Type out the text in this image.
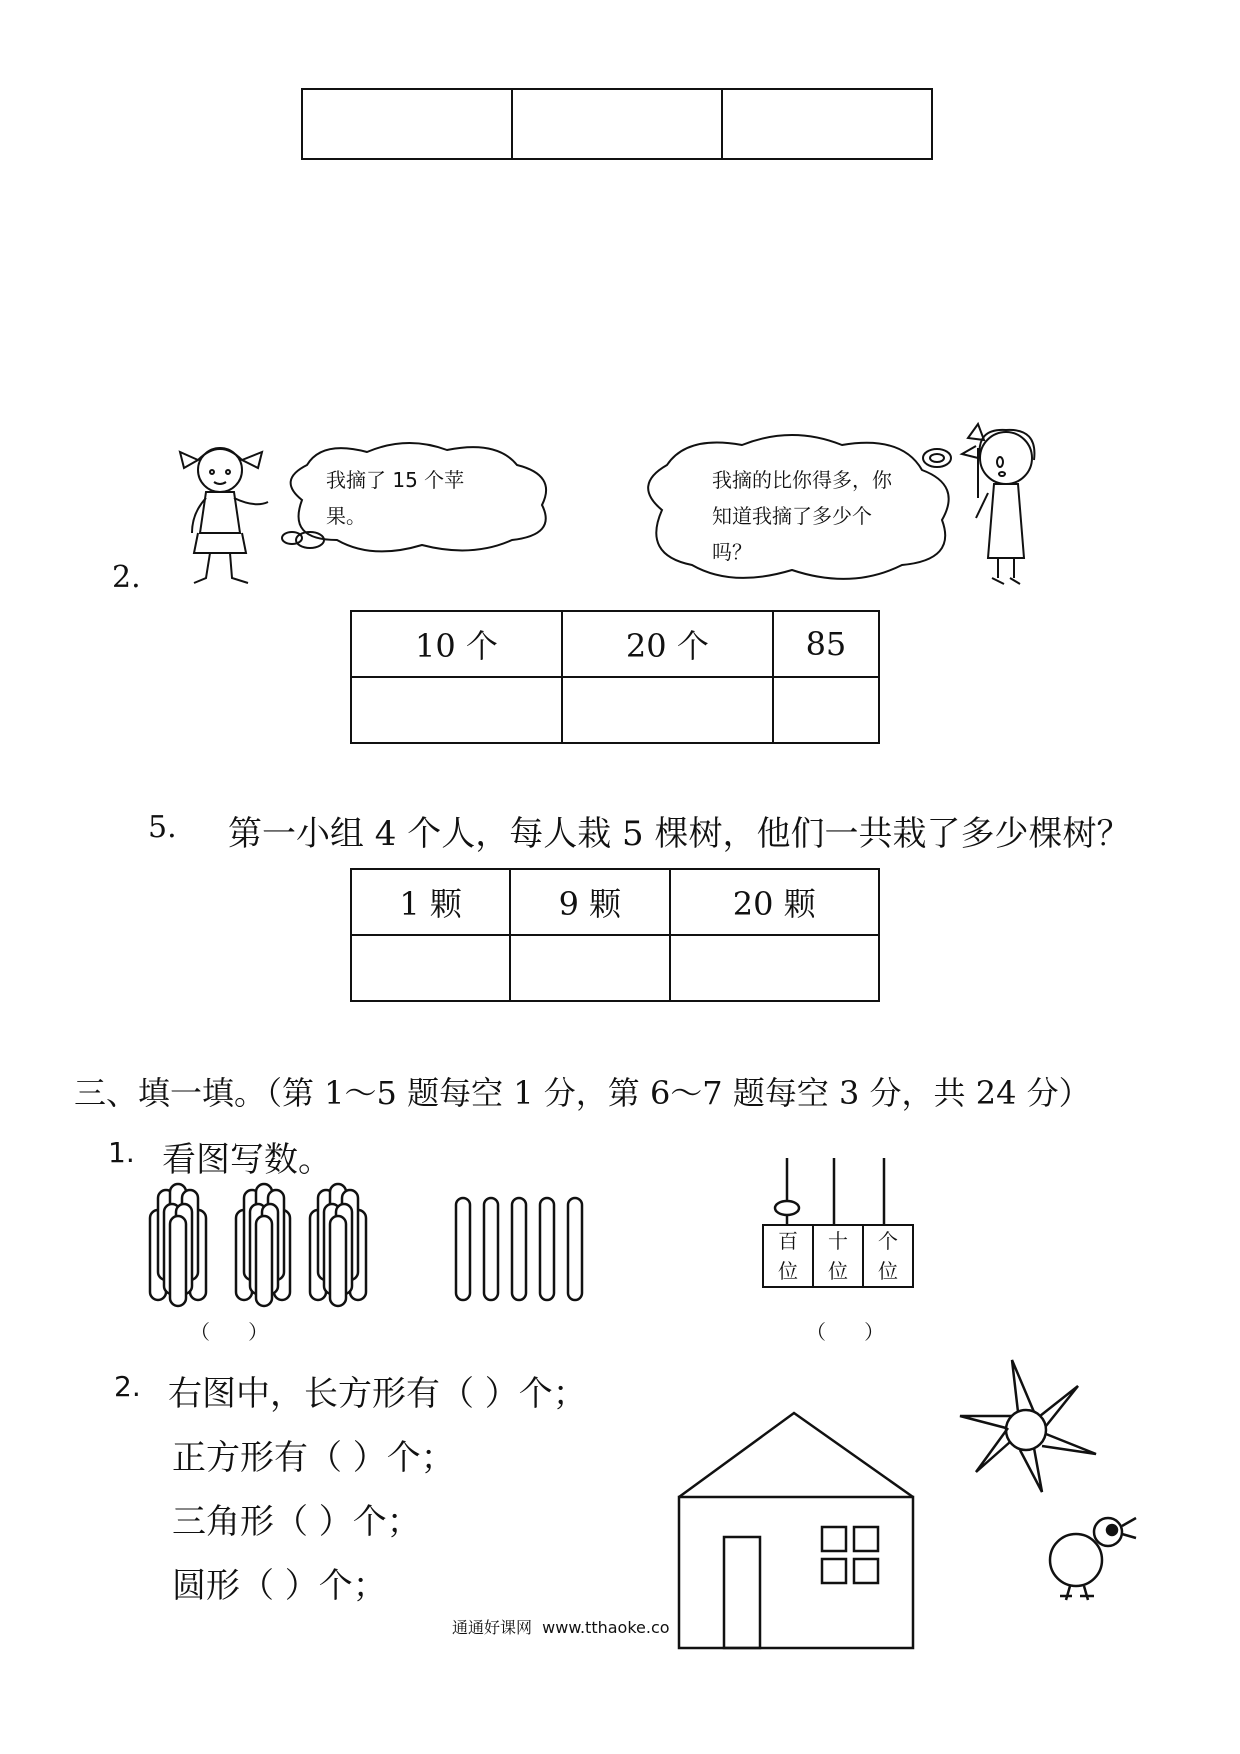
我摘了 15 个苹
果。
我摘的比你得多，你
知道我摘了多少个
吗？
2.
10 个	20 个	85

5. 第一小组 4 个人，每人栽 5 棵树，他们一共栽了多少棵树？
1 颗	9 颗	20 颗

三、填一填。（第 1～5 题每空 1 分，第 6～7 题每空 3 分，共 24 分）
1. 看图写数。
（      ）
百
位

十
位

个
位
（      ）
2. 右图中，长方形有（ ）个；
正方形有（ ）个；
三角形（ ）个；
圆形（ ）个；
通通好课网  www.tthaoke.co
